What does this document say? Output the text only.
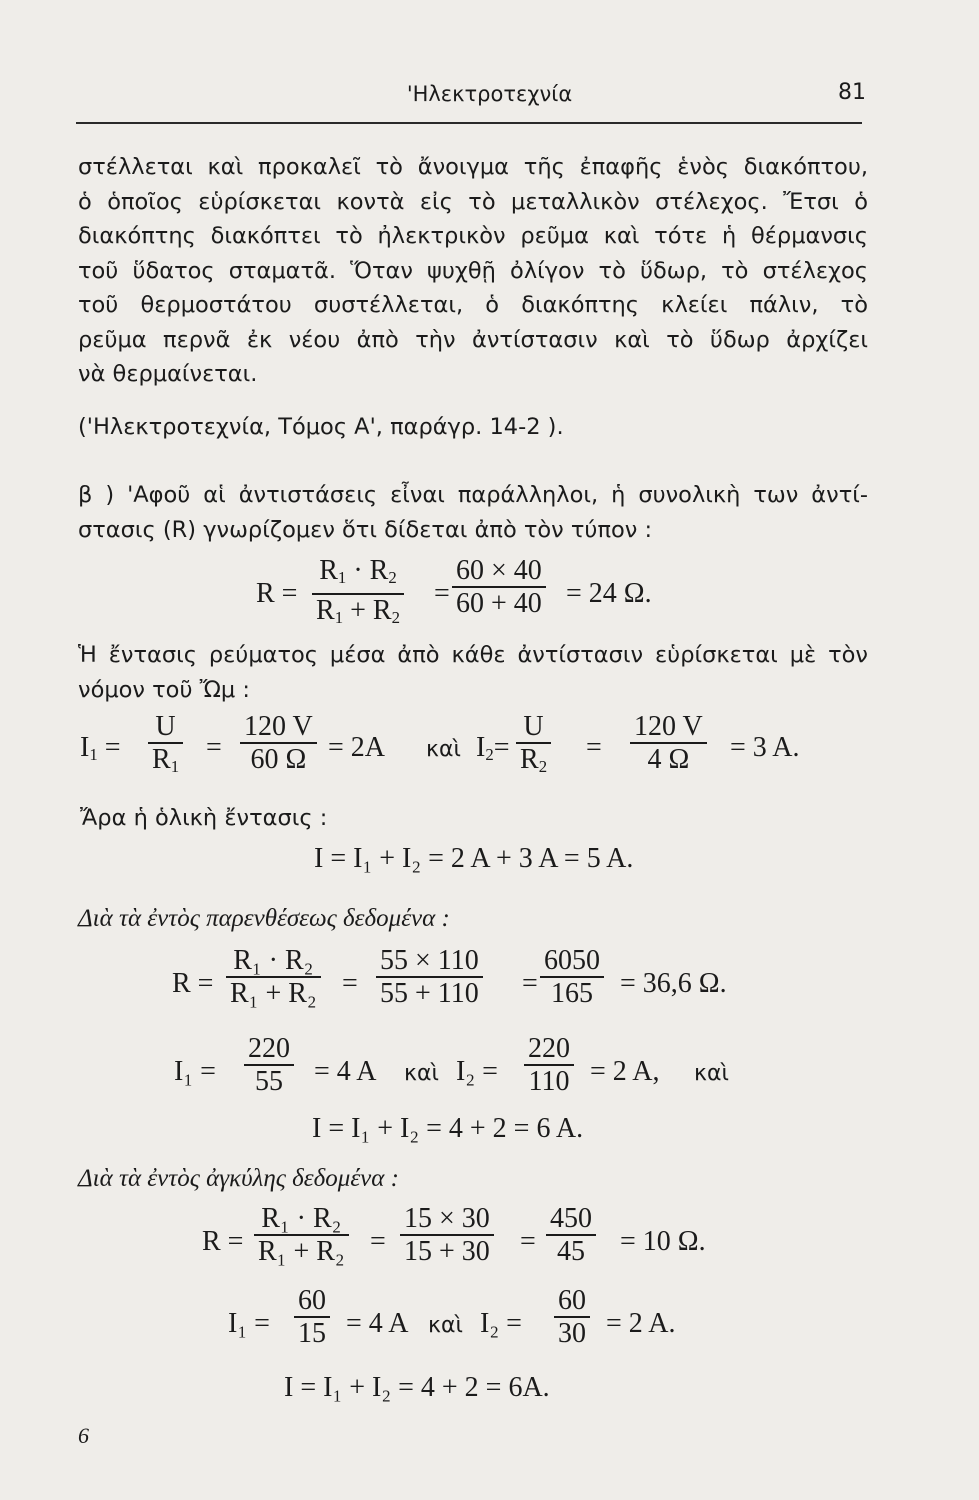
'Ηλεκτροτεχνία	81
στέλλεται καὶ προκαλεῖ τὸ ἄνοιγμα τῆς ἐπαφῆς ἑνὸς διακόπτου,
ὁ ὁποῖος εὑρίσκεται κοντὰ εἰς τὸ μεταλλικὸν στέλεχος. Ἔτσι ὁ
διακόπτης διακόπτει τὸ ἠλεκτρικὸν ρεῦμα καὶ τότε ἡ θέρμανσις
τοῦ ὕδατος σταματᾶ. Ὅταν ψυχθῇ ὀλίγον τὸ ὕδωρ, τὸ στέλεχος
τοῦ θερμοστάτου συστέλλεται, ὁ διακόπτης κλείει πάλιν, τὸ
ρεῦμα περνᾶ ἐκ νέου ἀπὸ τὴν ἀντίστασιν καὶ τὸ ὕδωρ ἀρχίζει
νὰ θερμαίνεται.
('Ηλεκτροτεχνία, Τόμος Α', παράγρ. 14-2 ).
β ) 'Αφοῦ αἱ ἀντιστάσεις εἶναι παράλληλοι, ἡ συνολικὴ των ἀντί-
στασις (R) γνωρίζομεν ὅτι δίδεται ἀπὸ τὸν τύπον :
$R = \frac{R_1 \cdot R_2}{R_1 + R_2} = \frac{60 \times 40}{60 + 40} = 24$ Ω.
Ἡ ἔντασις ρεύματος μέσα ἀπὸ κάθε ἀντίστασιν εὑρίσκεται μὲ τὸν
νόμον τοῦ Ὤμ :
$I_1 = \frac{U}{R_1} = \frac{120 V}{60 \Omega} = 2A$ καὶ $I_2= \frac{U}{R_2} = \frac{120 V}{4 \Omega} = 3$ A.
Ἄρα ἡ ὁλικὴ ἔντασις :
I = I₁ + I₂ = 2 A + 3 A = 5 A.
Διὰ τὰ ἐντὸς παρενθέσεως δεδομένα :
$R = \frac{\text{R₁ · R₂}}{\text{R₁ + R₂}} = \frac{55 \times 110}{55 + 110} = \frac{6050}{165} = 36,6$ Ω.
$I_1 = \frac{220}{55} = 4$ A καὶ $I_2 = \frac{220}{110} = 2$ A, καὶ
I = I₁ + I₂ = 4 + 2 = 6 A.
Διὰ τὰ ἐντὸς ἀγκύλης δεδομένα :
$R = \frac{\text{R₁ · R₂}}{\text{R₁ + R₂}} = \frac{15 \times 30}{15 + 30} = \frac{450}{45} = 10$ Ω.
$I_1 = \frac{60}{15} = 4$ A καὶ $I_2 = \frac{60}{30} = 2$ A.
I = I₁ + I₂ = 4 + 2 = 6A.
6
